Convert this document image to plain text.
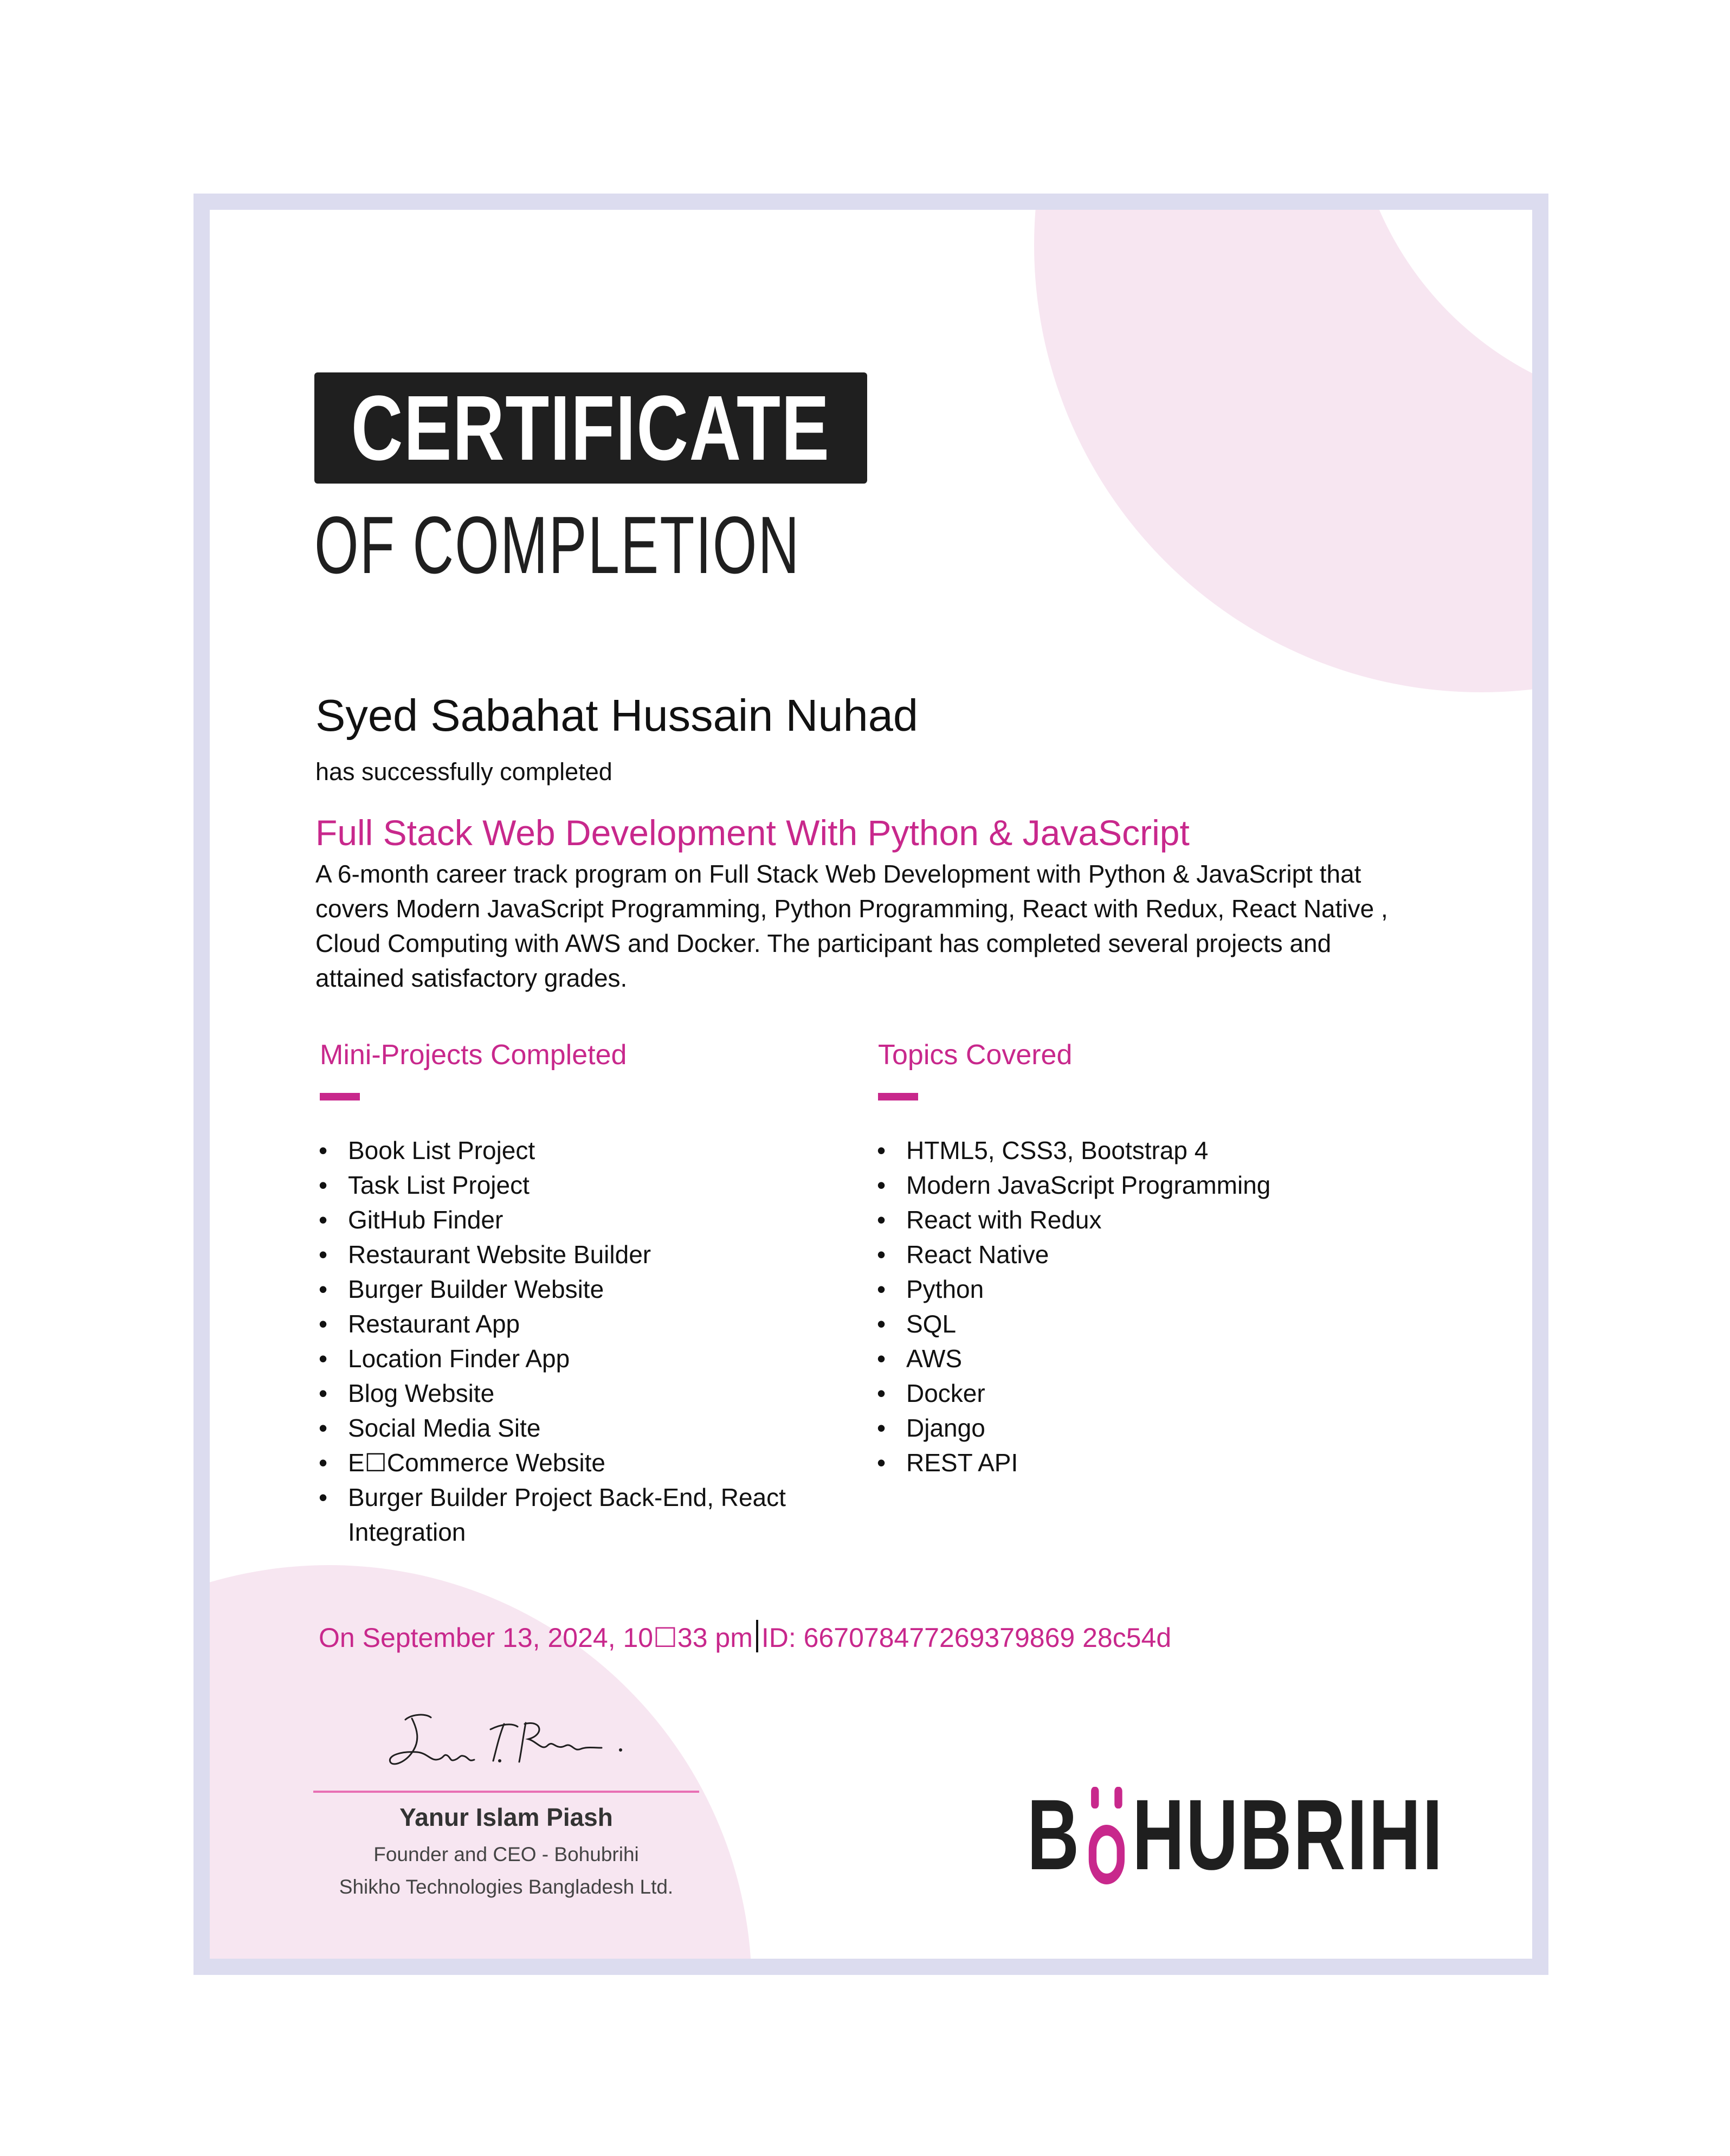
CERTIFICATE
OF COMPLETION
Syed Sabahat Hussain Nuhad
has successfully completed
Full Stack Web Development With Python & JavaScript
A 6-month career track program on Full Stack Web Development with Python & JavaScript that covers Modern JavaScript Programming, Python Programming, React with Redux, React Native , Cloud Computing with AWS and Docker. The participant has completed several projects and attained satisfactory grades.
Mini-Projects Completed
• Book List Project
• Task List Project
• GitHub Finder
• Restaurant Website Builder
• Burger Builder Website
• Restaurant App
• Location Finder App
• Blog Website
• Social Media Site
• E☐Commerce Website
• Burger Builder Project Back-End, React Integration
Topics Covered
• HTML5, CSS3, Bootstrap 4
• Modern JavaScript Programming
• React with Redux
• React Native
• Python
• SQL
• AWS
• Docker
• Django
• REST API
On September 13, 2024, 10☐33 pm ID: 667078477269379869 28c54d
Yanur Islam Piash
Founder and CEO - Bohubrihi
Shikho Technologies Bangladesh Ltd.	B HUBRIHI
